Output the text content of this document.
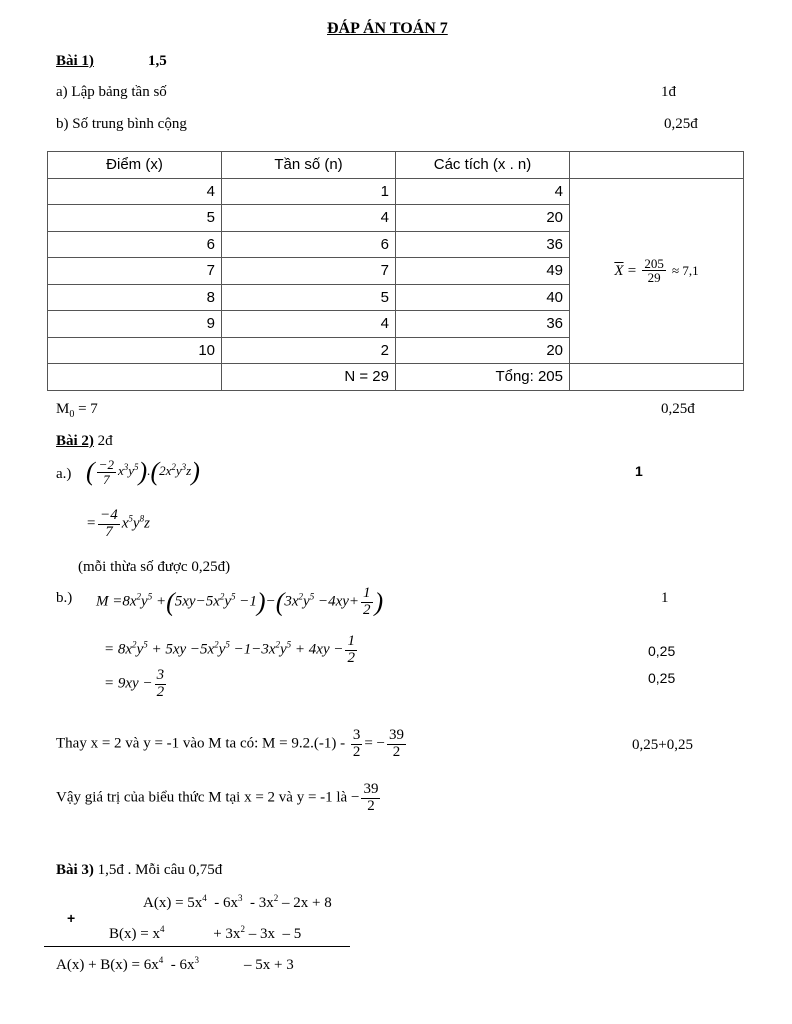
ĐÁP ÁN TOÁN 7
Bài 1)	1,5
a) Lập bảng tần số	1đ
b) Số trung bình cộng	0,25đ
Điểm (x)	Tần số (n)	Các tích (x . n)	
4	1	4	$\overline{X} = \frac{205}{29} \approx 7,1$
5	4	20	
6	6	36	
7	7	49	
8	5	40	
9	4	36	
10	2	20	
	N = 29	Tổng: 205	
$M_0 = 7$	0,25đ
Bài 2) 2đ
a.)	1
( $\frac{-2}{7} x^3y^5).(2x^2y^3z)$
= $\frac{-4}{7} x^5y^8z$
(mỗi thừa số được 0,25đ)
b.)	1
$M =8x^2y^5 +(5xy-5x^2y^5 -1)-(3x^2y^5 -4xy+ \frac{1}{2}$ )
= $8x^2y^5 + 5xy -5x^2y^5 -1-3x^2y^5 + 4xy - \frac{1}{2}$	0,25
= $9xy - \frac{3}{2}$	0,25
Thay x = 2 và y = -1 vào M ta có: $M = 9.2.(-1) - \frac{3}{2}$ = − $\frac{39}{2}$	0,25+0,25
Vậy giá trị của biểu thức M tại x = 2 và y = -1 là − $\frac{39}{2}$
Bài 3) 1,5đ . Mỗi câu 0,75đ
$A(x) = 5x^4 - 6x^3 - 3x^2 - 2x + 8$
+
$B(x) = x^4$             + $3x^2 - 3x - 5$
$A(x) + B(x) = 6x^4 - 6x^3$            – 5x + 3
